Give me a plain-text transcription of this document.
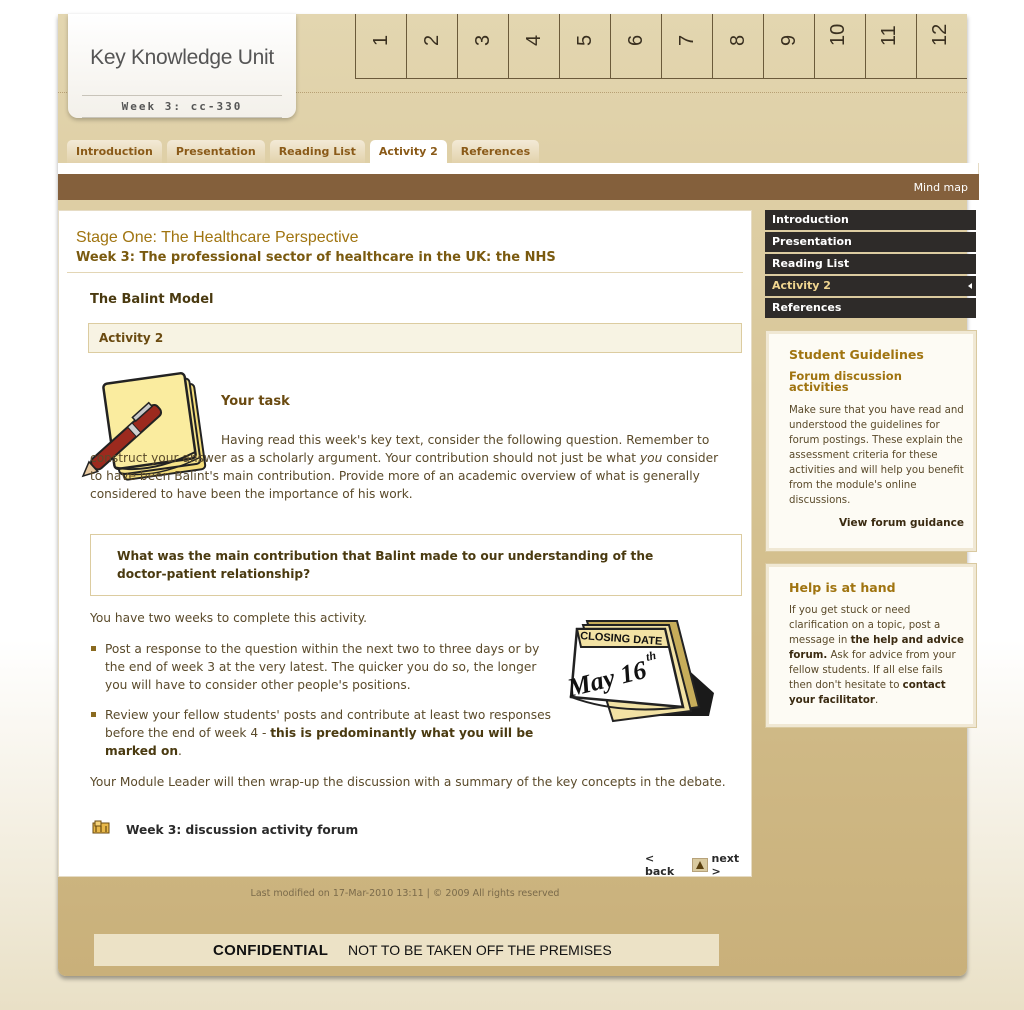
Key Knowledge Unit
Week 3: cc-330
1 2 3 4 5 6 7 8 9 10 11 12
Introduction	Presentation	Reading List	Activity 2	References
Mind map
Stage One: The Healthcare Perspective
Week 3: The professional sector of healthcare in the UK: the NHS
The Balint Model
Activity 2
Your task
Having read this week's key text, consider the following question. Remember to construct your answer as a scholarly argument. Your contribution should not just be what you consider to have been Balint's main contribution. Provide more of an academic overview of what is generally considered to have been the importance of his work.
What was the main contribution that Balint made to our understanding of the doctor-patient relationship?
You have two weeks to complete this activity.
Post a response to the question within the next two to three days or by the end of week 3 at the very latest. The quicker you do so, the longer you will have to consider other people's positions.
Review your fellow students' posts and contribute at least two responses before the end of week 4 - this is predominantly what you will be marked on.
CLOSING DATE
May 16
th
Your Module Leader will then wrap-up the discussion with a summary of the key concepts in the debate.
Week 3: discussion activity forum
< back
next >
Introduction
Presentation
Reading List
Activity 2
References
Student Guidelines
Forum discussion activities
Make sure that you have read and understood the guidelines for forum postings. These explain the assessment criteria for these activities and will help you benefit from the module's online discussions.
View forum guidance
Help is at hand
If you get stuck or need clarification on a topic, post a message in the help and advice forum. Ask for advice from your fellow students. If all else fails then don't hesitate to contact your facilitator.
Last modified on 17-Mar-2010 13:11 | © 2009 All rights reserved
CONFIDENTIAL NOT TO BE TAKEN OFF THE PREMISES
